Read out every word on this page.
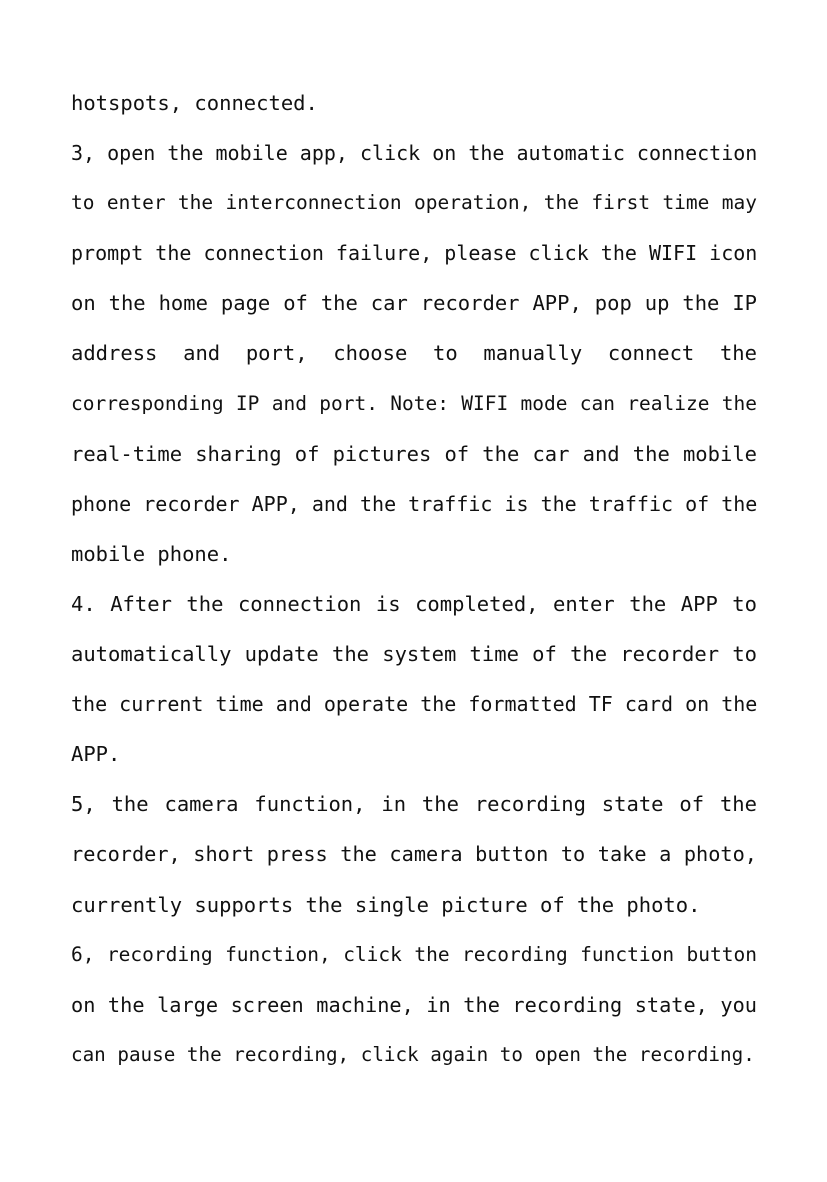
hotspots, connected.
3, open the mobile app, click on the automatic connection
to enter the interconnection operation, the first time may
prompt the connection failure, please click the WIFI icon
on the home page of the car recorder APP, pop up the IP
address and port, choose to manually connect the
corresponding IP and port. Note: WIFI mode can realize the
real-time sharing of pictures of the car and the mobile
phone recorder APP, and the traffic is the traffic of the
mobile phone.
4. After the connection is completed, enter the APP to
automatically update the system time of the recorder to
the current time and operate the formatted TF card on the
APP.
5, the camera function, in the recording state of the
recorder, short press the camera button to take a photo,
currently supports the single picture of the photo.
6, recording function, click the recording function button
on the large screen machine, in the recording state, you
can pause the recording, click again to open the recording.
